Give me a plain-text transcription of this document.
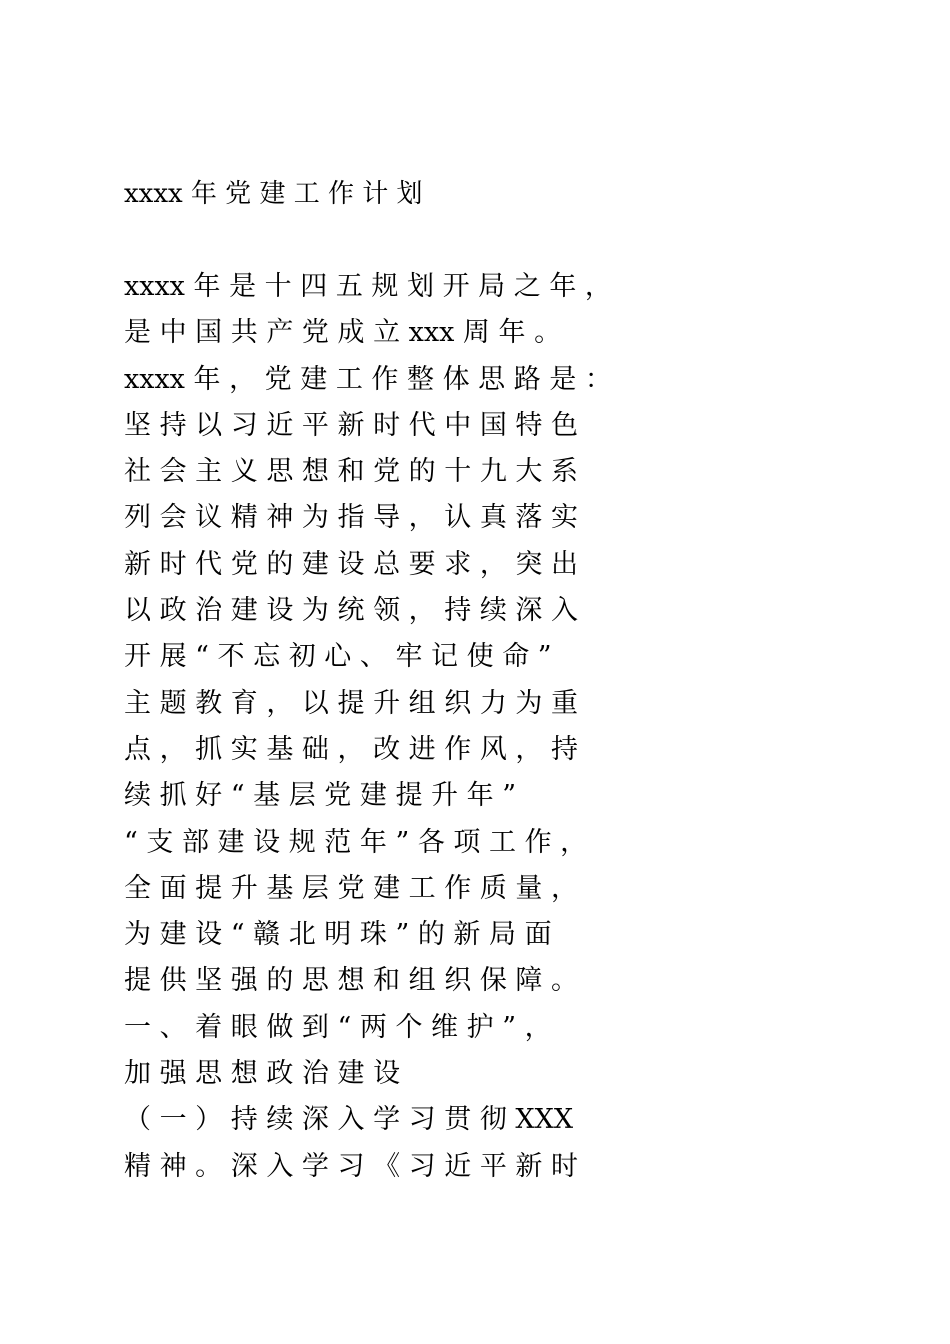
xxxx 年 党 建 工 作 计 划
xxxx 年 是 十 四 五 规 划 开 局 之 年 ，
是 中 国 共 产 党 成 立 xxx 周 年 。
xxxx 年 ， 党 建 工 作 整 体 思 路 是 ：
坚 持 以 习 近 平 新 时 代 中 国 特 色
社 会 主 义 思 想 和 党 的 十 九 大 系
列 会 议 精 神 为 指 导 ， 认 真 落 实
新 时 代 党 的 建 设 总 要 求 ， 突 出
以 政 治 建 设 为 统 领 ， 持 续 深 入
开 展 “ 不 忘 初 心 、 牢 记 使 命 ”
主 题 教 育 ， 以 提 升 组 织 力 为 重
点 ， 抓 实 基 础 ， 改 进 作 风 ， 持
续 抓 好 “ 基 层 党 建 提 升 年 ”
“ 支 部 建 设 规 范 年 ” 各 项 工 作 ，
全 面 提 升 基 层 党 建 工 作 质 量 ，
为 建 设 “ 赣 北 明 珠 ” 的 新 局 面
提 供 坚 强 的 思 想 和 组 织 保 障 。
一 、 着 眼 做 到 “ 两 个 维 护 ” ，
加 强 思 想 政 治 建 设
（ 一 ） 持 续 深 入 学 习 贯 彻 XXX
精 神 。 深 入 学 习 《 习 近 平 新 时
